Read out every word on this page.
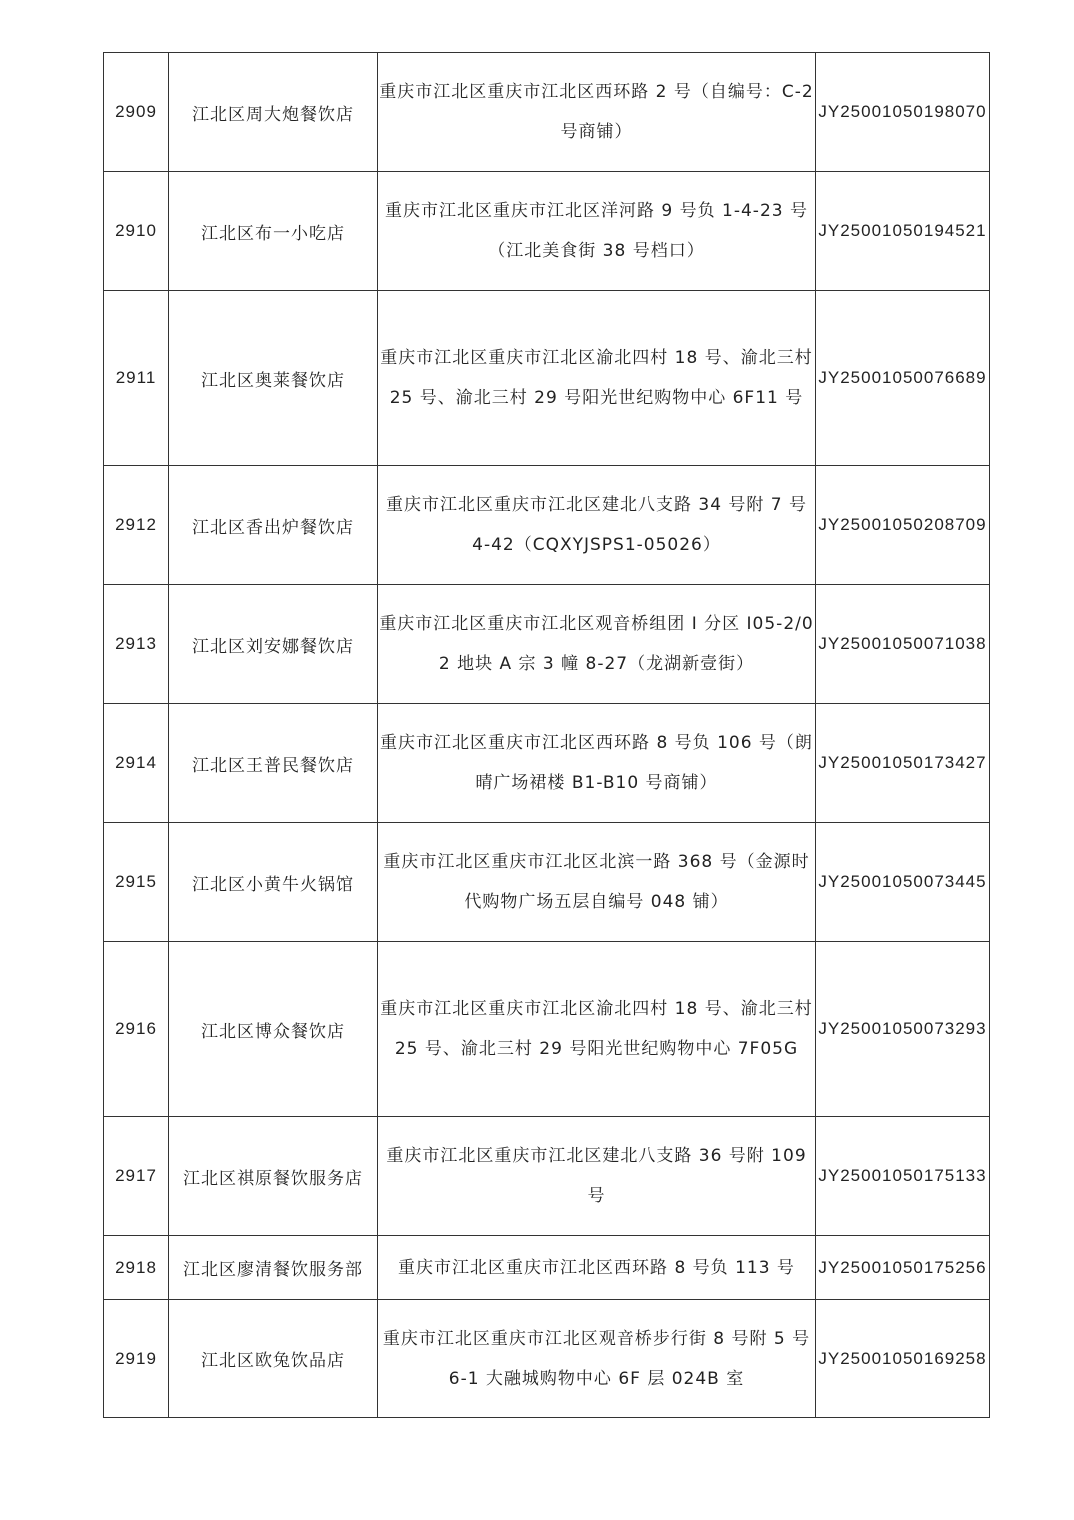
2909	江北区周大炮餐饮店	重庆市江北区重庆市江北区西环路 2 号（自编号：C-2 号商铺）	JY25001050198070
2910	江北区布一小吃店	重庆市江北区重庆市江北区洋河路 9 号负 1-4-23 号（江北美食街 38 号档口）	JY25001050194521
2911	江北区奥莱餐饮店	重庆市江北区重庆市江北区渝北四村 18 号、渝北三村 25 号、渝北三村 29 号阳光世纪购物中心 6F11 号	JY25001050076689
2912	江北区香出炉餐饮店	重庆市江北区重庆市江北区建北八支路 34 号附 7 号 4-42（CQXYJSPS1-05026）	JY25001050208709
2913	江北区刘安娜餐饮店	重庆市江北区重庆市江北区观音桥组团 I 分区 I05-2/02 地块 A 宗 3 幢 8-27（龙湖新壹街）	JY25001050071038
2914	江北区王普民餐饮店	重庆市江北区重庆市江北区西环路 8 号负 106 号（朗晴广场裙楼 B1-B10 号商铺）	JY25001050173427
2915	江北区小黄牛火锅馆	重庆市江北区重庆市江北区北滨一路 368 号（金源时代购物广场五层自编号 048 铺）	JY25001050073445
2916	江北区博众餐饮店	重庆市江北区重庆市江北区渝北四村 18 号、渝北三村 25 号、渝北三村 29 号阳光世纪购物中心 7F05G	JY25001050073293
2917	江北区祺原餐饮服务店	重庆市江北区重庆市江北区建北八支路 36 号附 109 号	JY25001050175133
2918	江北区廖清餐饮服务部	重庆市江北区重庆市江北区西环路 8 号负 113 号	JY25001050175256
2919	江北区欧兔饮品店	重庆市江北区重庆市江北区观音桥步行街 8 号附 5 号 6-1 大融城购物中心 6F 层 024B 室	JY25001050169258
